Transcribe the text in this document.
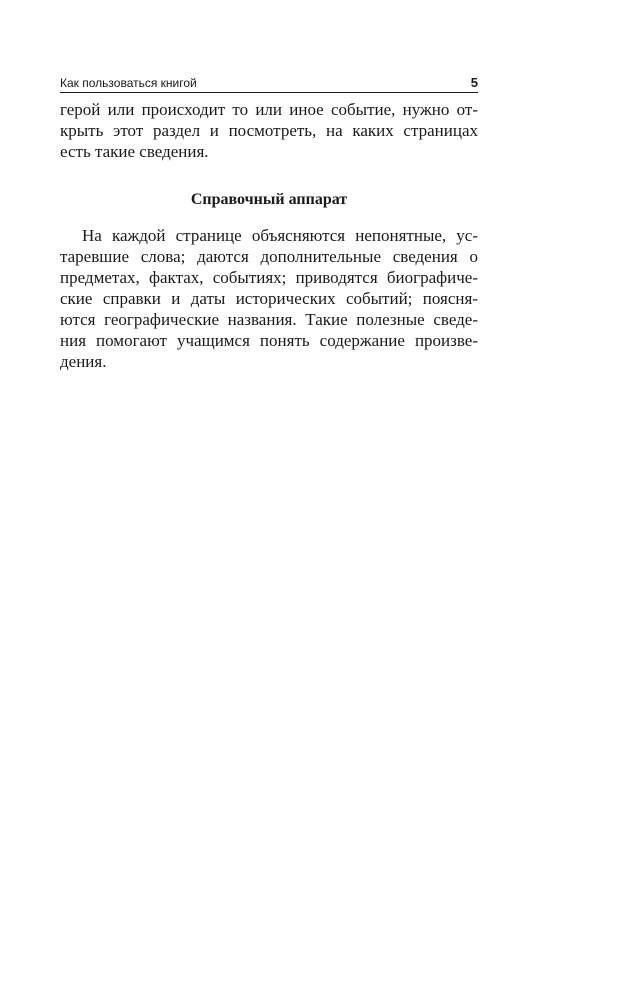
Как пользоваться книгой	5

герой или происходит то или иное событие, нужно от-
крыть этот раздел и посмотреть, на каких страницах
есть такие сведения.

Справочный аппарат

На каждой странице объясняются непонятные, ус-
таревшие слова; даются дополнительные сведения о
предметах, фактах, событиях; приводятся биографиче-
ские справки и даты исторических событий; поясня-
ются географические названия. Такие полезные сведе-
ния помогают учащимся понять содержание произве-
дения.
